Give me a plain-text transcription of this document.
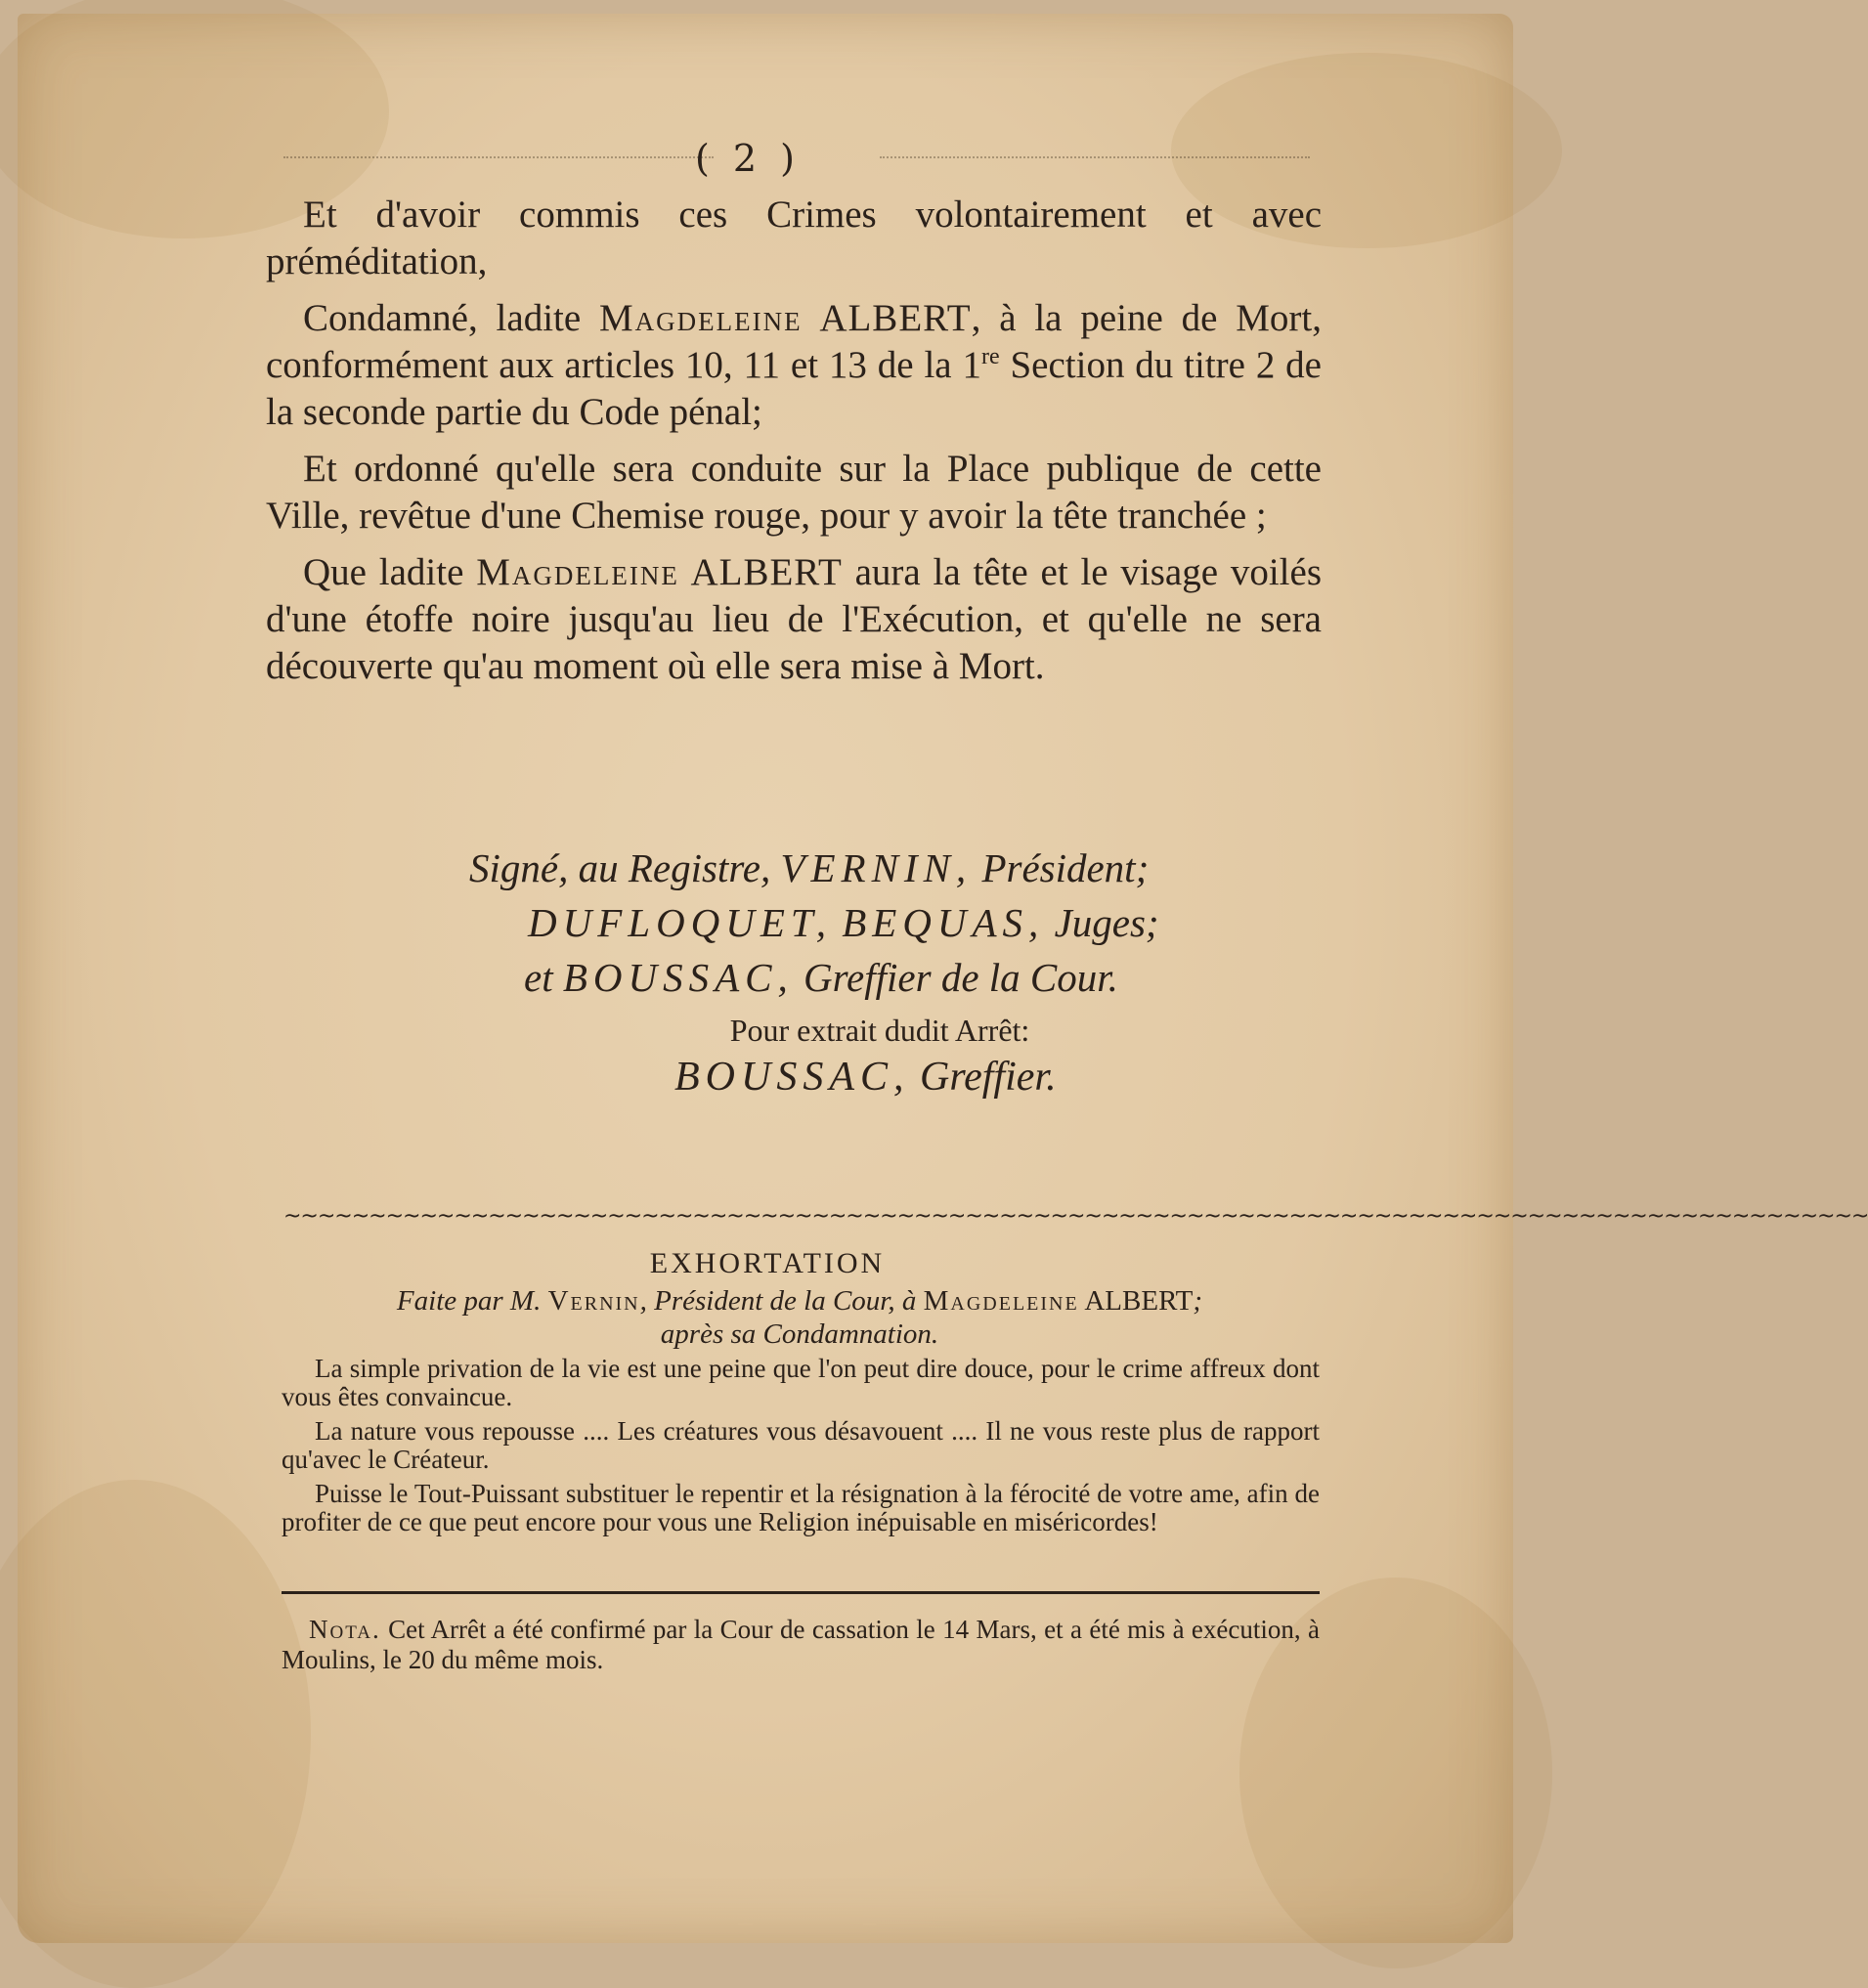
( 2 )

Et d'avoir commis ces Crimes volontairement et avec préméditation,

Condamné, ladite Magdeleine ALBERT, à la peine de Mort, conformément aux articles 10, 11 et 13 de la 1re Section du titre 2 de la seconde partie du Code pénal;

Et ordonné qu'elle sera conduite sur la Place publique de cette Ville, revêtue d'une Chemise rouge, pour y avoir la tête tranchée ;

Que ladite Magdeleine ALBERT aura la tête et le visage voilés d'une étoffe noire jusqu'au lieu de l'Exécution, et qu'elle ne sera découverte qu'au moment où elle sera mise à Mort.

Signé, au Registre, VERNIN, Président;
DUFLOQUET, BEQUAS, Juges;
et BOUSSAC, Greffier de la Cour.
Pour extrait dudit Arrêt:
BOUSSAC, Greffier.
~~~~~~~~~~~~~~~~~~~~~~~~~~~~~~~~~~~~~~~~~~~~~~~~~~~~~~~~~~~~~~~~~~~~~~~~~~~~~~~~~~~~~~~~~~~~~
EXHORTATION
Faite par M. Vernin, Président de la Cour, à Magdeleine ALBERT;
après sa Condamnation.

La simple privation de la vie est une peine que l'on peut dire douce, pour le crime affreux dont vous êtes convaincue.

La nature vous repousse .... Les créatures vous désavouent .... Il ne vous reste plus de rapport qu'avec le Créateur.

Puisse le Tout-Puissant substituer le repentir et la résignation à la férocité de votre ame, afin de profiter de ce que peut encore pour vous une Religion inépuisable en miséricordes!

Nota. Cet Arrêt a été confirmé par la Cour de cassation le 14 Mars, et a été mis à exécution, à Moulins, le 20 du même mois.
